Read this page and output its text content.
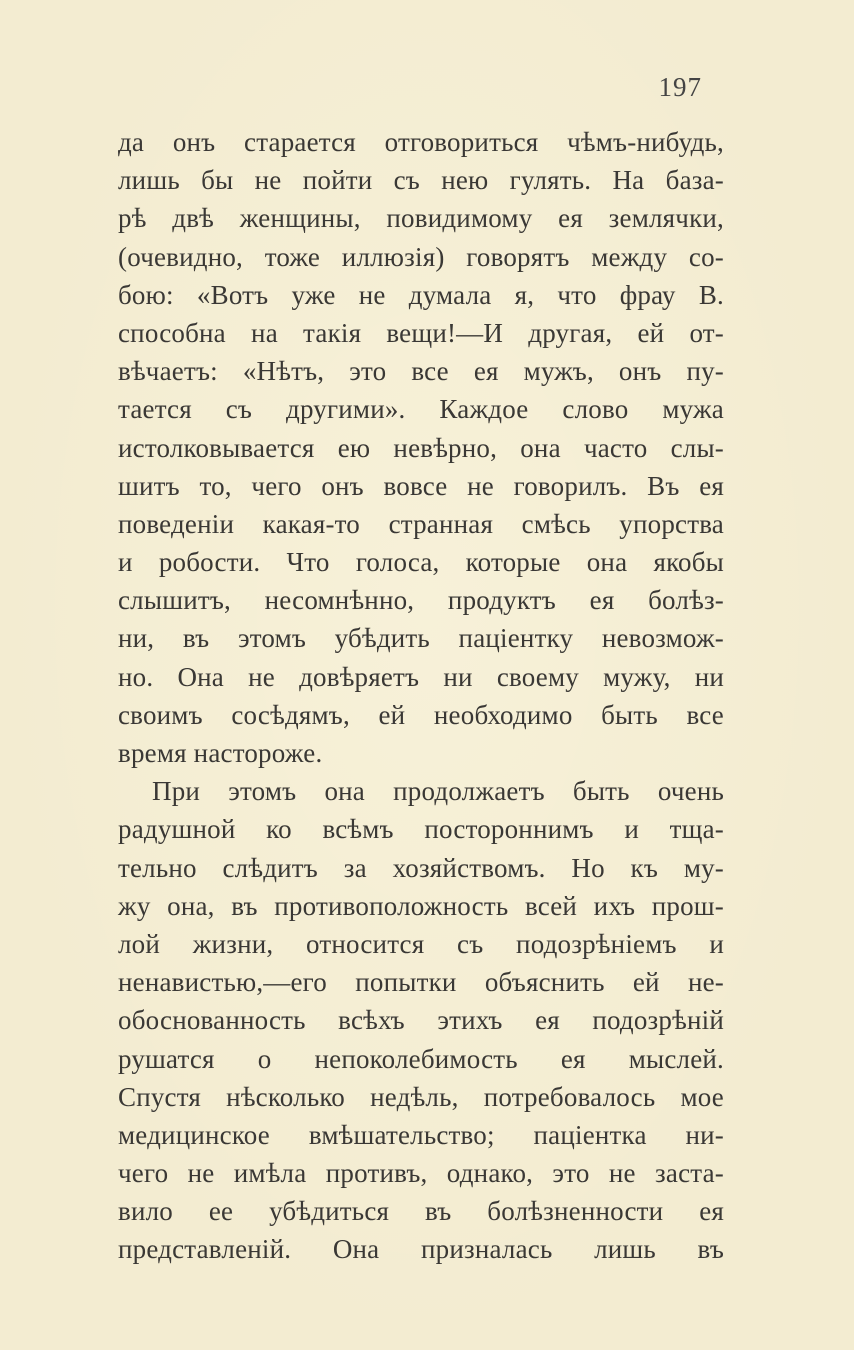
197
да онъ старается отговориться чѣмъ-нибудь,
лишь бы не пойти съ нею гулять. На база-
рѣ двѣ женщины, повидимому ея землячки,
(очевидно, тоже иллюзія) говорятъ между со-
бою: «Вотъ уже не думала я, что фрау В.
способна на такія вещи!—И другая, ей от-
вѣчаетъ: «Нѣтъ, это все ея мужъ, онъ пу-
тается съ другими». Каждое слово мужа
истолковывается ею невѣрно, она часто слы-
шитъ то, чего онъ вовсе не говорилъ. Въ ея
поведеніи какая-то странная смѣсь упорства
и робости. Что голоса, которые она якобы
слышитъ, несомнѣнно, продуктъ ея болѣз-
ни, въ этомъ убѣдить паціентку невозмож-
но. Она не довѣряетъ ни своему мужу, ни
своимъ сосѣдямъ, ей необходимо быть все
время настороже.
При этомъ она продолжаетъ быть очень
радушной ко всѣмъ постороннимъ и тща-
тельно слѣдитъ за хозяйствомъ. Но къ му-
жу она, въ противоположность всей ихъ прош-
лой жизни, относится съ подозрѣніемъ и
ненавистью,—его попытки объяснить ей не-
обоснованность всѣхъ этихъ ея подозрѣній
рушатся о непоколебимость ея мыслей.
Спустя нѣсколько недѣль, потребовалось мое
медицинское вмѣшательство; паціентка ни-
чего не имѣла противъ, однако, это не заста-
вило ее убѣдиться въ болѣзненности ея
представленій. Она призналась лишь въ
